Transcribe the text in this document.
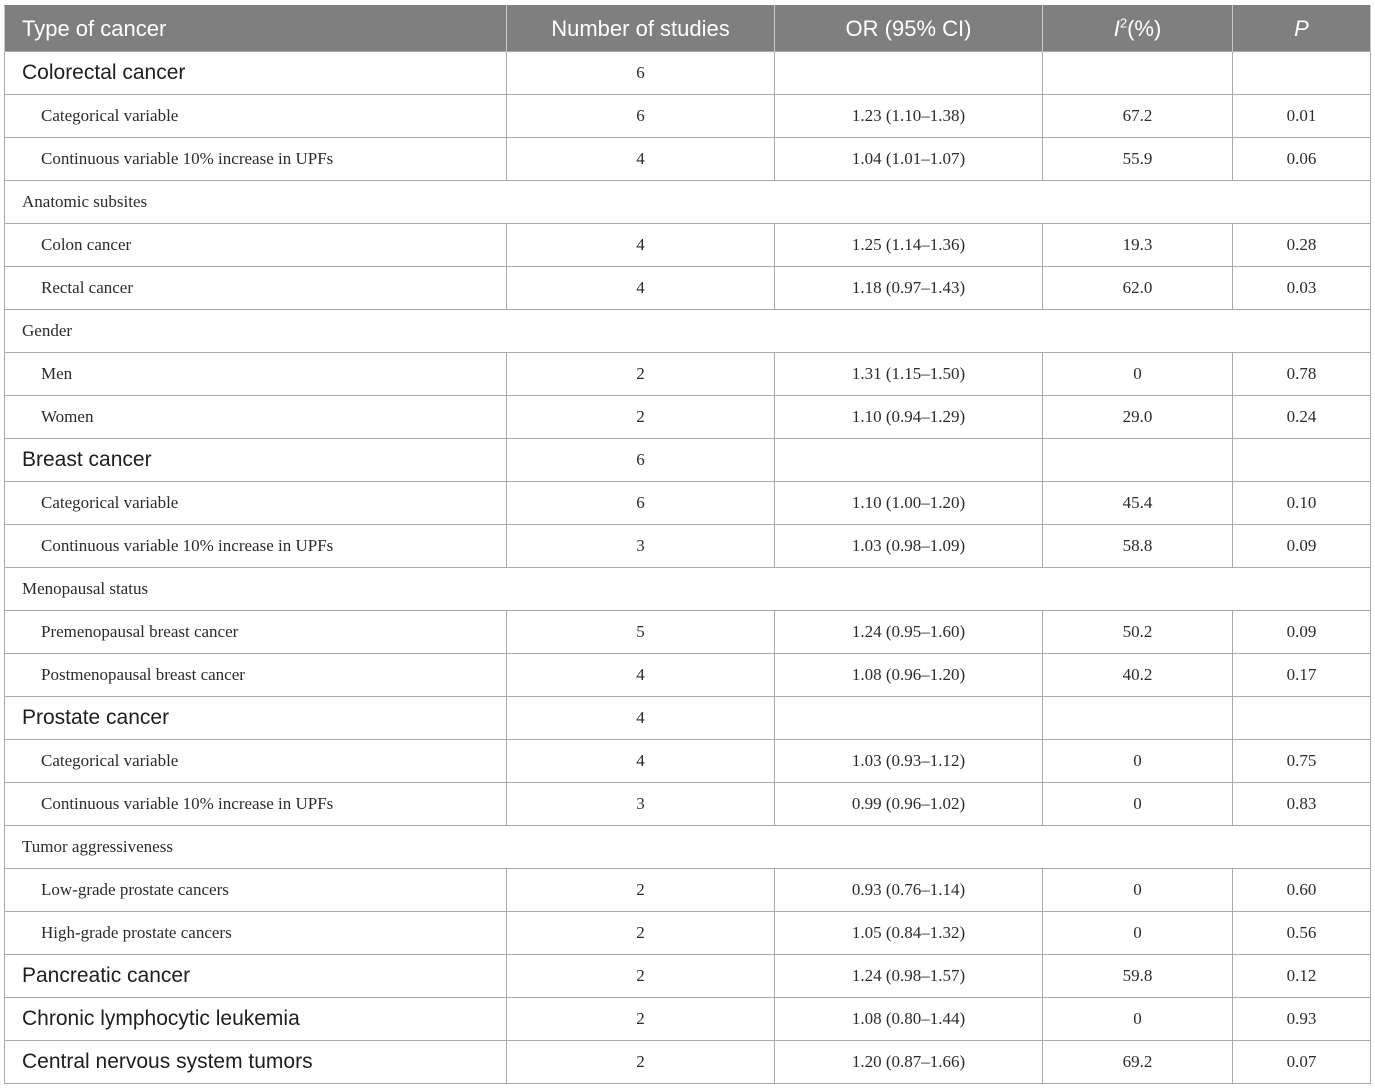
Type of cancer	Number of studies	OR (95% CI)	$I^2(\%)$	P
Colorectal cancer	6			
Categorical variable	6	1.23 (1.10–1.38)	67.2	0.01
Continuous variable 10% increase in UPFs	4	1.04 (1.01–1.07)	55.9	0.06
Anatomic subsites				
Colon cancer	4	1.25 (1.14–1.36)	19.3	0.28
Rectal cancer	4	1.18 (0.97–1.43)	62.0	0.03
Gender				
Men	2	1.31 (1.15–1.50)	0	0.78
Women	2	1.10 (0.94–1.29)	29.0	0.24
Breast cancer	6			
Categorical variable	6	1.10 (1.00–1.20)	45.4	0.10
Continuous variable 10% increase in UPFs	3	1.03 (0.98–1.09)	58.8	0.09
Menopausal status				
Premenopausal breast cancer	5	1.24 (0.95–1.60)	50.2	0.09
Postmenopausal breast cancer	4	1.08 (0.96–1.20)	40.2	0.17
Prostate cancer	4			
Categorical variable	4	1.03 (0.93–1.12)	0	0.75
Continuous variable 10% increase in UPFs	3	0.99 (0.96–1.02)	0	0.83
Tumor aggressiveness				
Low-grade prostate cancers	2	0.93 (0.76–1.14)	0	0.60
High-grade prostate cancers	2	1.05 (0.84–1.32)	0	0.56
Pancreatic cancer	2	1.24 (0.98–1.57)	59.8	0.12
Chronic lymphocytic leukemia	2	1.08 (0.80–1.44)	0	0.93
Central nervous system tumors	2	1.20 (0.87–1.66)	69.2	0.07
